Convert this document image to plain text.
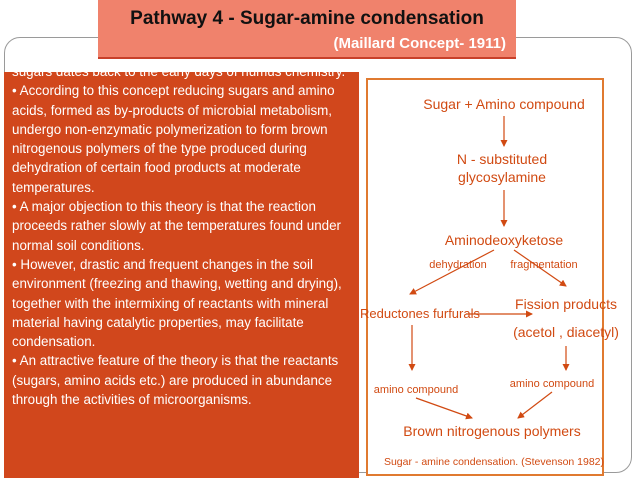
Pathway 4 - Sugar-amine condensation
(Maillard Concept- 1911)

sugars dates back to the early days of humus chemistry.

• According to this concept reducing sugars and amino acids, formed as by-products of microbial metabolism, undergo non-enzymatic polymerization to form brown nitrogenous polymers of the type produced during dehydration of certain food products at moderate temperatures.

• A major objection to this theory is that the reaction proceeds rather slowly at the temperatures found under normal soil conditions.

• However, drastic and frequent changes in the soil environment (freezing and thawing, wetting and drying), together with the intermixing of reactants with mineral material having catalytic properties, may facilitate condensation.

• An attractive feature of the theory is that the reactants (sugars, amino acids etc.) are produced in abundance through the activities of microorganisms.

Sugar + Amino compound
N - substituted
glycosylamine
Aminodeoxyketose
dehydration fragmentation
Reductones furfurals
Fission products
(acetol , diacetyl)
amino compound	amino compound
Brown nitrogenous polymers
Sugar - amine condensation. (Stevenson 1982)
